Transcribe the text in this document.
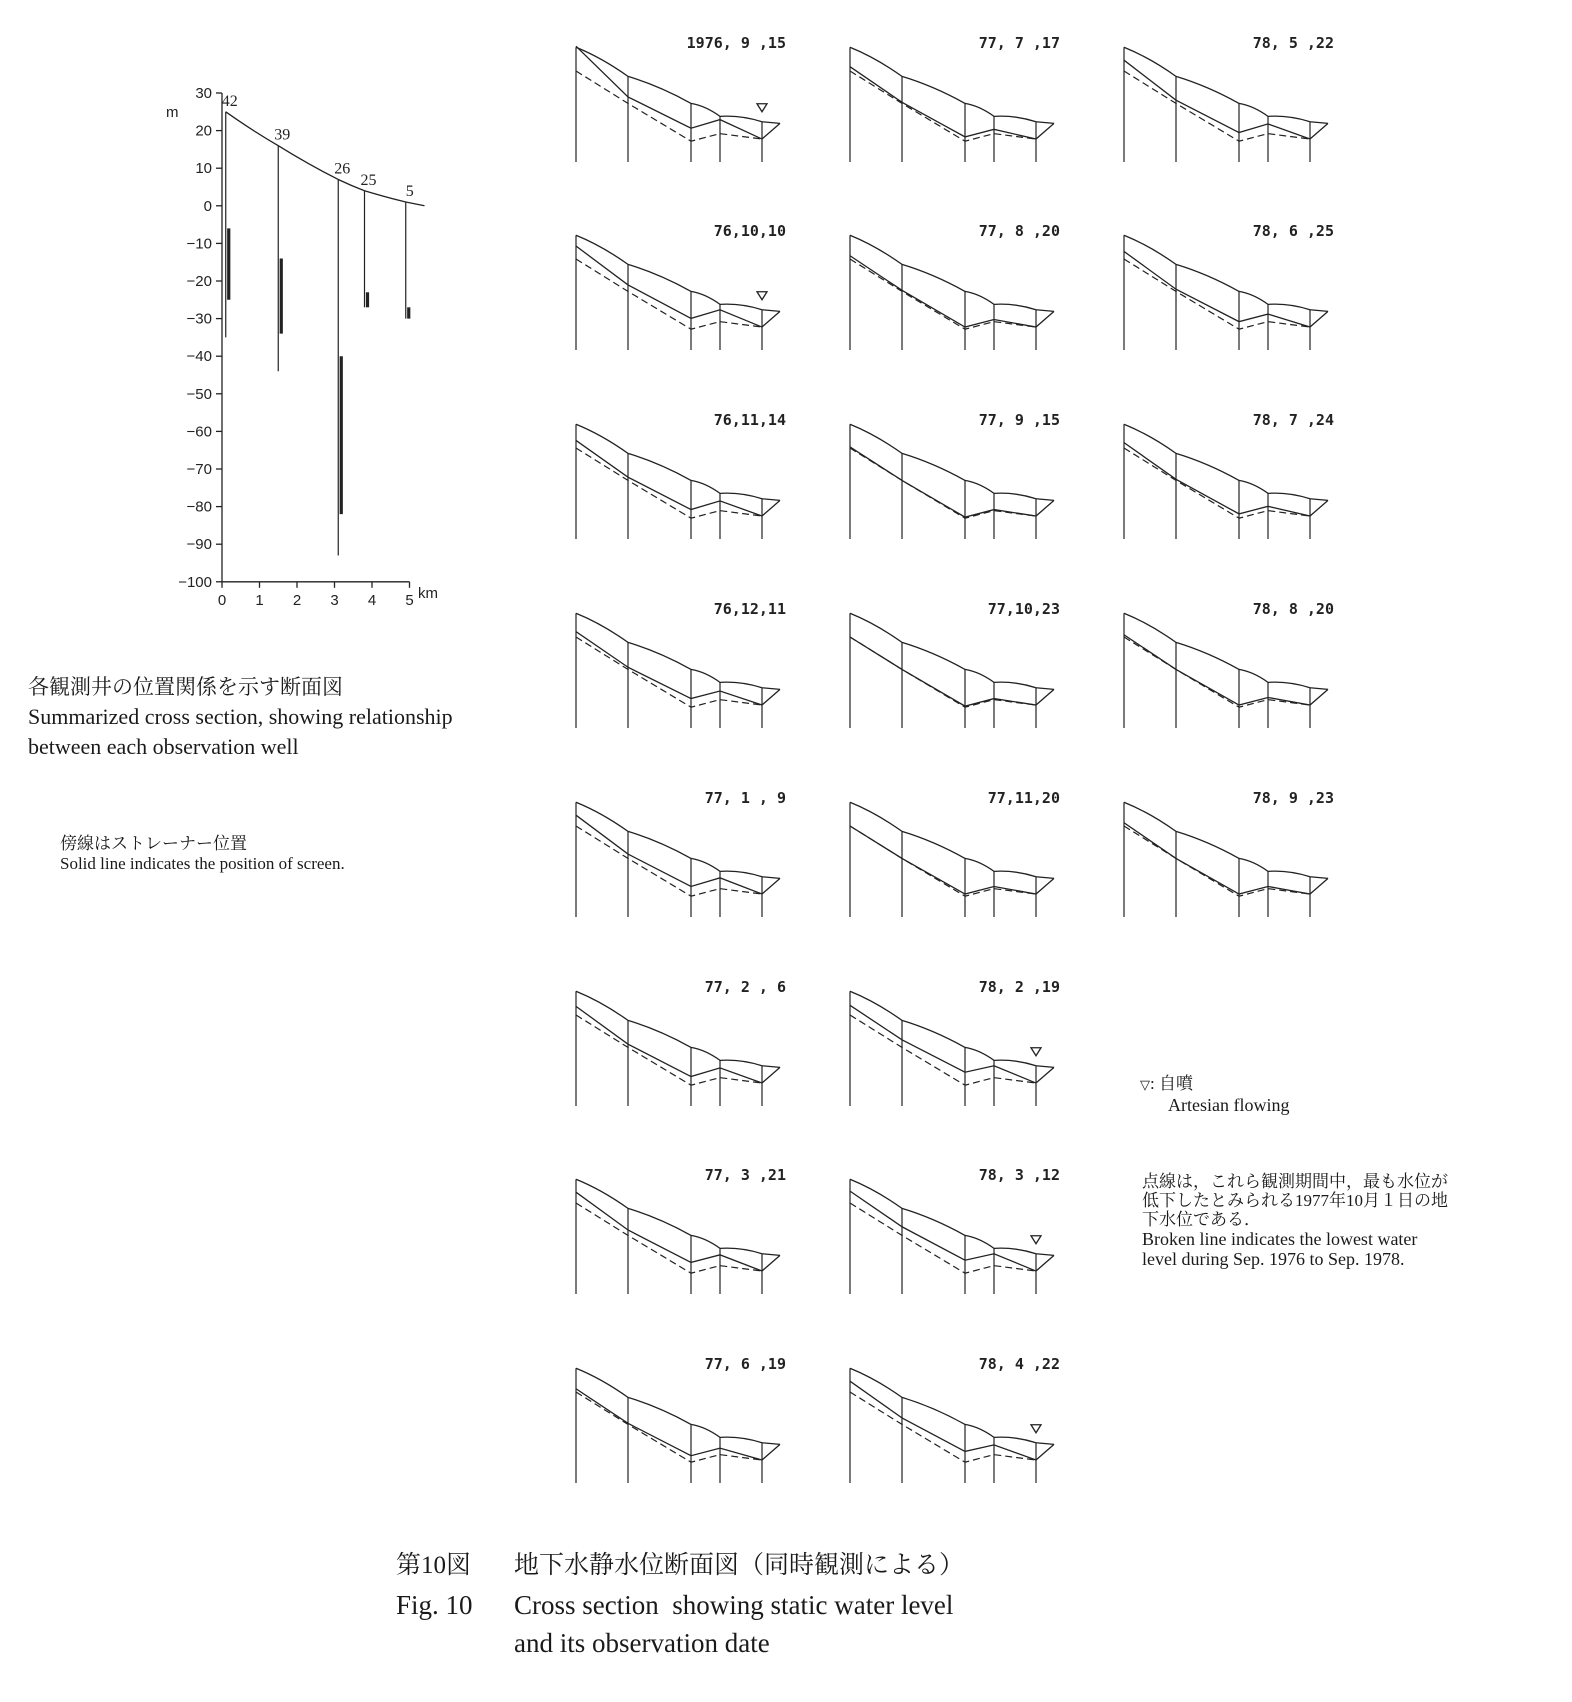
m
km
30
20
10
0
−10
−20
−30
−40
−50
−60
−70
−80
−90
−100
0 1 2 3 4 5
42
39
26
25
5
1976, 9 ,15
76,10,10
76,11,14
76,12,11
77, 1 , 9
77, 2 , 6
77, 3 ,21
77, 6 ,19
77, 7 ,17
77, 8 ,20
77, 9 ,15
77,10,23
77,11,20
78, 2 ,19
78, 3 ,12
78, 4 ,22
78, 5 ,22
78, 6 ,25
78, 7 ,24
78, 8 ,20
78, 9 ,23
各観測井の位置関係を示す断面図
Summarized cross section, showing relationship
between each observation well
傍線はストレーナー位置
Solid line indicates the position of screen.
▽: 自噴
Artesian flowing
点線は，これら観測期間中，最も水位が
低下したとみられる1977年10月１日の地
下水位である．
Broken line indicates the lowest water
level during Sep. 1976 to Sep. 1978.
第10図	地下水静水位断面図（同時観測による）
Fig. 10	Cross section  showing static water level
and its observation date
